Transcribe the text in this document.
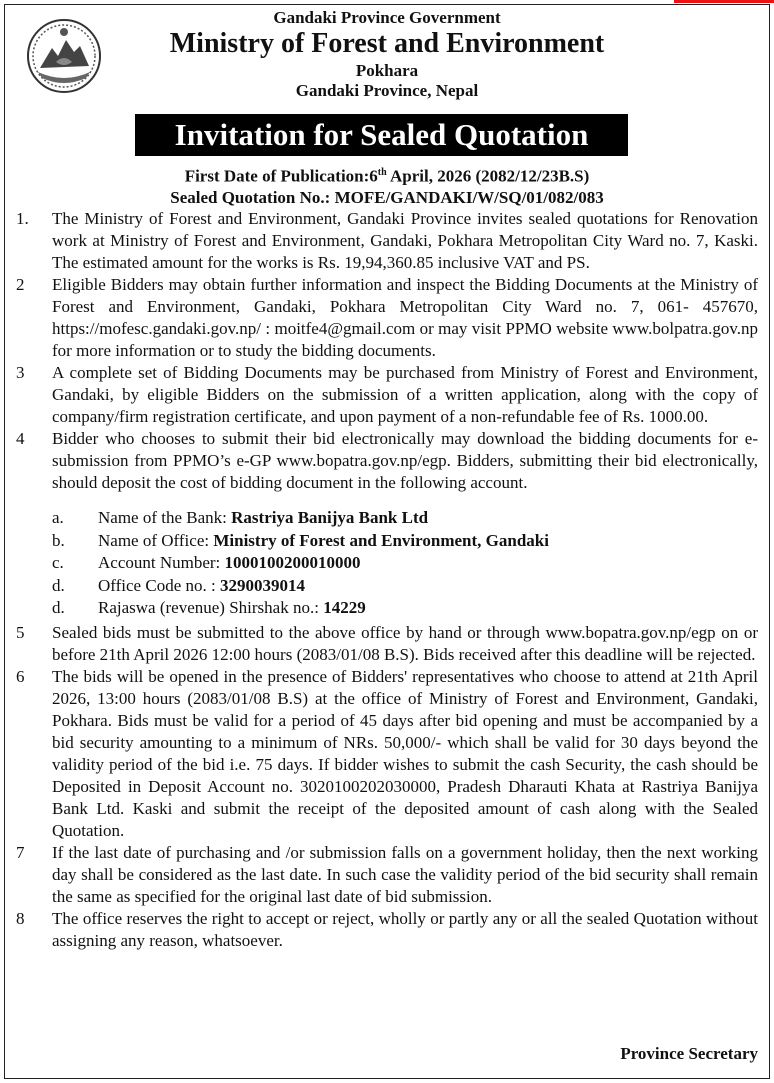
Gandaki Province Government
Ministry of Forest and Environment
Pokhara
Gandaki Province, Nepal
Invitation for Sealed Quotation
First Date of Publication:6th April, 2026 (2082/12/23B.S)
Sealed Quotation No.: MOFE/GANDAKI/W/SQ/01/082/083
1. The Ministry of Forest and Environment, Gandaki Province invites sealed quotations for Renovation work at Ministry of Forest and Environment, Gandaki, Pokhara Metropolitan City Ward no. 7, Kaski. The estimated amount for the works is Rs. 19,94,360.85 inclusive VAT and PS.
2 Eligible Bidders may obtain further information and inspect the Bidding Documents at the Ministry of Forest and Environment, Gandaki, Pokhara Metropolitan City Ward no. 7, 061- 457670, https://mofesc.gandaki.gov.np/ : moitfe4@gmail.com or may visit PPMO website www.bolpatra.gov.np for more information or to study the bidding documents.
3 A complete set of Bidding Documents may be purchased from Ministry of Forest and Environment, Gandaki, by eligible Bidders on the submission of a written application, along with the copy of company/firm registration certificate, and upon payment of a non-refundable fee of Rs. 1000.00.
4 Bidder who chooses to submit their bid electronically may download the bidding documents for e-submission from PPMO’s e-GP www.bopatra.gov.np/egp. Bidders, submitting their bid electronically, should deposit the cost of bidding document in the following account.
a. Name of the Bank: Rastriya Banijya Bank Ltd
b. Name of Office: Ministry of Forest and Environment, Gandaki
c. Account Number: 1000100200010000
d. Office Code no. : 3290039014
d. Rajaswa (revenue) Shirshak no.: 14229
5 Sealed bids must be submitted to the above office by hand or through www.bopatra.gov.np/egp on or before 21th April 2026 12:00 hours (2083/01/08 B.S). Bids received after this deadline will be rejected.
6 The bids will be opened in the presence of Bidders' representatives who choose to attend at 21th April 2026, 13:00 hours (2083/01/08 B.S) at the office of Ministry of Forest and Environment, Gandaki, Pokhara. Bids must be valid for a period of 45 days after bid opening and must be accompanied by a bid security amounting to a minimum of NRs. 50,000/- which shall be valid for 30 days beyond the validity period of the bid i.e. 75 days. If bidder wishes to submit the cash Security, the cash should be Deposited in Deposit Account no. 3020100202030000, Pradesh Dharauti Khata at Rastriya Banijya Bank Ltd. Kaski and submit the receipt of the deposited amount of cash along with the Sealed Quotation.
7 If the last date of purchasing and /or submission falls on a government holiday, then the next working day shall be considered as the last date. In such case the validity period of the bid security shall remain the same as specified for the original last date of bid submission.
8 The office reserves the right to accept or reject, wholly or partly any or all the sealed Quotation without assigning any reason, whatsoever.
Province Secretary
